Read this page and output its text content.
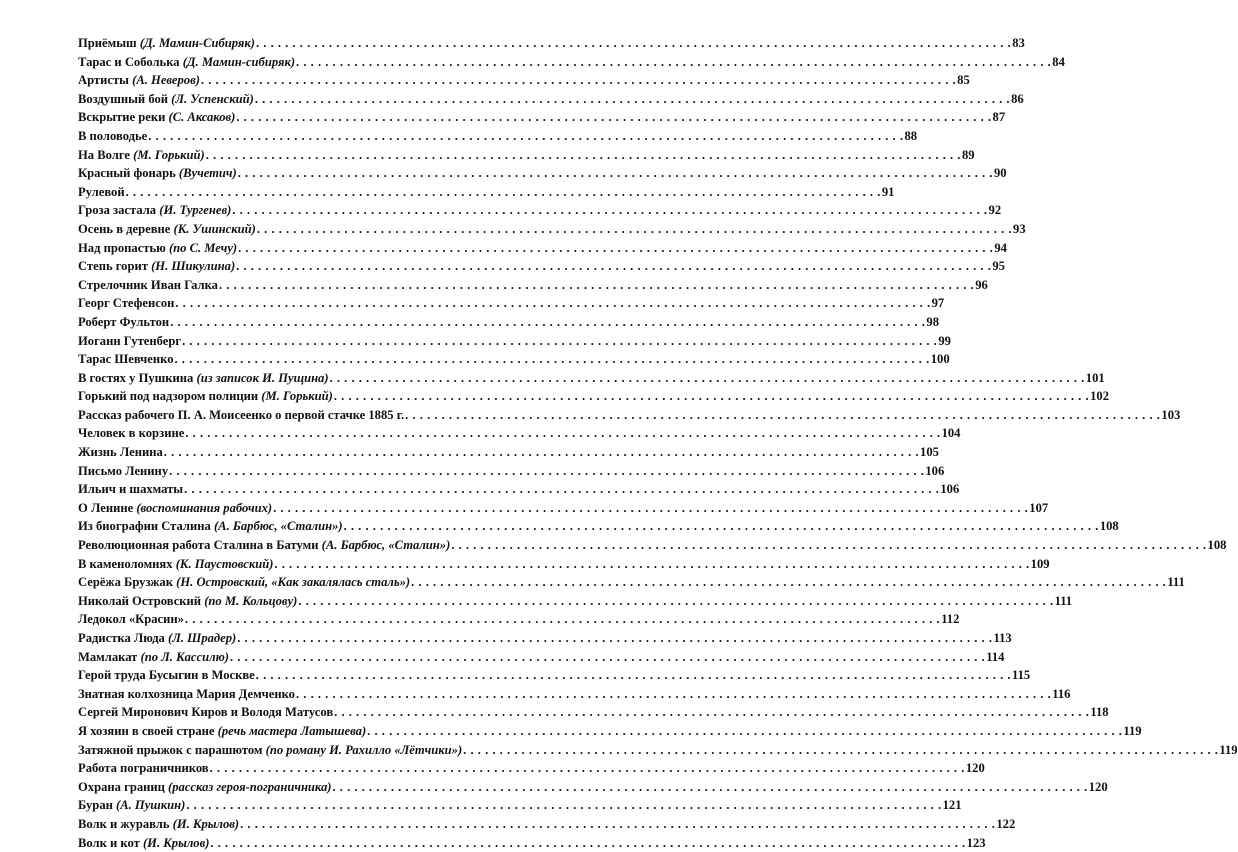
Приёмыш (Д. Мамин-Сибиряк) . . .	83
Тарас и Соболька (Д. Мамин-сибиряк) . . .	84
Артисты (А. Неверов) . . .	85
Воздушный бой (Л. Успенский) . . .	86
Вскрытие реки (С. Аксаков) . . .	87
В половодье . . .	88
На Волге (М. Горький) . . .	89
Красный фонарь (Вучетич) . . .	90
Рулевой . . .	91
Гроза застала (И. Тургенев) . . .	92
Осень в деревне (К. Ушинский) . . .	93
Над пропастью (по С. Мечу) . . .	94
Степь горит (Н. Шикулина) . . .	95
Стрелочник Иван Галка . . .	96
Георг Стефенсон . . .	97
Роберт Фультон . . .	98
Иоганн Гутенберг . . .	99
Тарас Шевченко . . .	100
В гостях у Пушкина (из записок И. Пущина) . . .	101
Горький под надзором полиции (М. Горький) . . .	102
Рассказ рабочего П. А. Моисеенко о первой стачке 1885 г. . . .	103
Человек в корзине . . .	104
Жизнь Ленина . . .	105
Письмо Ленину . . .	106
Ильич и шахматы . . .	106
О Ленине (воспоминания рабочих) . . .	107
Из биографии Сталина (А. Барбюс, «Сталин») . . .	108
Революционная работа Сталина в Батуми (А. Барбюс, «Сталин») . . .	108
В каменоломнях (К. Паустовский) . . .	109
Серёжа Брузжак (Н. Островский, «Как закалялась сталь») . . .	111
Николай Островский (по М. Кольцову) . . .	111
Ледокол «Красин» . . .	112
Радистка Люда (Л. Шрадер) . . .	113
Мамлакат (по Л. Кассилю) . . .	114
Герой труда Бусыгин в Москве . . .	115
Знатная колхозница Мария Демченко . . .	116
Сергей Миронович Киров и Володя Матусов . . .	118
Я хозяин в своей стране (речь мастера Латышева) . . .	119
Затяжной прыжок с парашютом (по роману И. Рахилло «Лётчики») . . .	119
Работа пограничников . . .	120
Охрана границ (рассказ героя-пограничника) . . .	120
Буран (А. Пушкин) . . .	121
Волк и журавль (И. Крылов) . . .	122
Волк и кот (И. Крылов) . . .	123
